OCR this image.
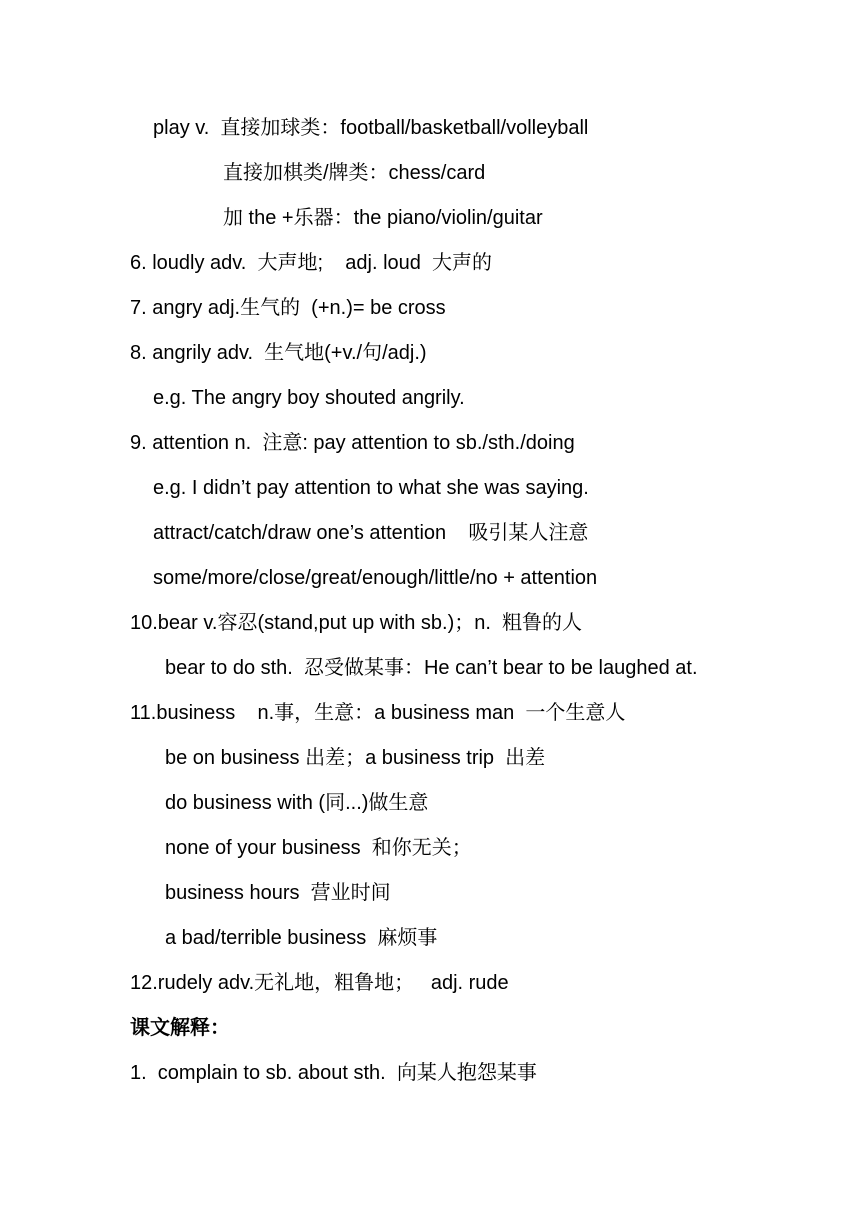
play v.  直接加球类：football/basketball/volleyball
直接加棋类/牌类：chess/card
加 the +乐器：the piano/violin/guitar
6. loudly adv.  大声地;    adj. loud  大声的
7. angry adj.生气的  (+n.)= be cross
8. angrily adv.  生气地(+v./句/adj.)
e.g. The angry boy shouted angrily.
9. attention n.  注意: pay attention to sb./sth./doing
e.g. I didn’t pay attention to what she was saying.
attract/catch/draw one’s attention    吸引某人注意
some/more/close/great/enough/little/no + attention
10.bear v.容忍(stand,put up with sb.)；n.  粗鲁的人
bear to do sth.  忍受做某事：He can’t bear to be laughed at.
11.business    n.事，生意：a business man  一个生意人
be on business 出差；a business trip  出差
do business with (同...)做生意
none of your business  和你无关；
business hours  营业时间
a bad/terrible business  麻烦事
12.rudely adv.无礼地，粗鲁地；   adj. rude
课文解释：
1.  complain to sb. about sth.  向某人抱怨某事
